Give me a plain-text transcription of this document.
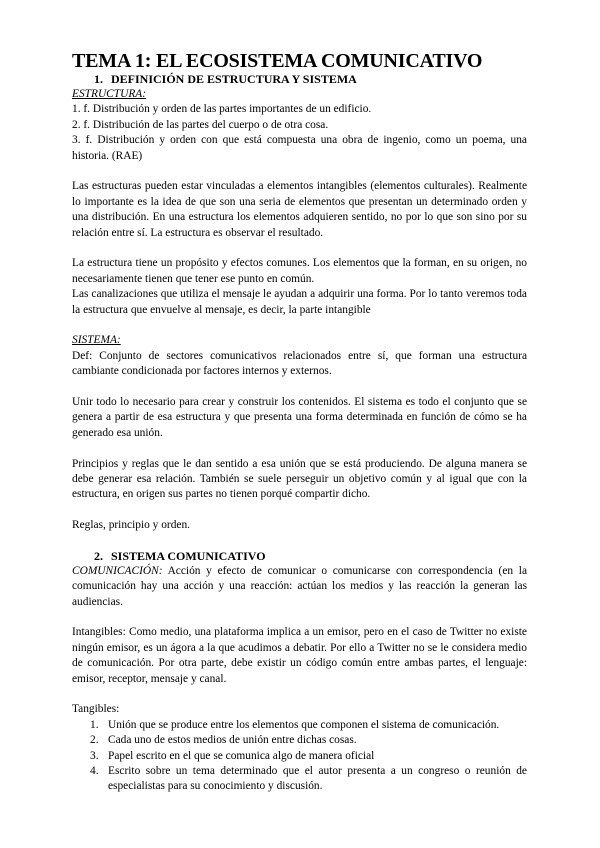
TEMA 1: EL ECOSISTEMA COMUNICATIVO
1. DEFINICIÓN DE ESTRUCTURA Y SISTEMA
ESTRUCTURA:

1. f. Distribución y orden de las partes importantes de un edificio.

2. f. Distribución de las partes del cuerpo o de otra cosa.

3. f. Distribución y orden con que está compuesta una obra de ingenio, como un poema, una historia. (RAE)

Las estructuras pueden estar vinculadas a elementos intangibles (elementos culturales). Realmente lo importante es la idea de que son una seria de elementos que presentan un determinado orden y una distribución. En una estructura los elementos adquieren sentido, no por lo que son sino por su relación entre sí. La estructura es observar el resultado.

La estructura tiene un propósito y efectos comunes. Los elementos que la forman, en su origen, no necesariamente tienen que tener ese punto en común.

Las canalizaciones que utiliza el mensaje le ayudan a adquirir una forma. Por lo tanto veremos toda la estructura que envuelve al mensaje, es decir, la parte intangible

SISTEMA:

Def: Conjunto de sectores comunicativos relacionados entre sí, que forman una estructura cambiante condicionada por factores internos y externos.

Unir todo lo necesario para crear y construir los contenidos. El sistema es todo el conjunto que se genera a partir de esa estructura y que presenta una forma determinada en función de cómo se ha generado esa unión.

Principios y reglas que le dan sentido a esa unión que se está produciendo. De alguna manera se debe generar esa relación. También se suele perseguir un objetivo común y al igual que con la estructura, en origen sus partes no tienen porqué compartir dicho.

Reglas, principio y orden.

2. SISTEMA COMUNICATIVO

COMUNICACIÓN: Acción y efecto de comunicar o comunicarse con correspondencia (en la comunicación hay una acción y una reacción: actúan los medios y las reacción la generan las audiencias.

Intangibles: Como medio, una plataforma implica a un emisor, pero en el caso de Twitter no existe ningún emisor, es un ágora a la que acudimos a debatir. Por ello a Twitter no se le considera medio de comunicación. Por otra parte, debe existir un código común entre ambas partes, el lenguaje: emisor, receptor, mensaje y canal.

Tangibles:
1. Unión que se produce entre los elementos que componen el sistema de comunicación.
2. Cada uno de estos medios de unión entre dichas cosas.
3. Papel escrito en el que se comunica algo de manera oficial
4. Escrito sobre un tema determinado que el autor presenta a un congreso o reunión de especialistas para su conocimiento y discusión.
